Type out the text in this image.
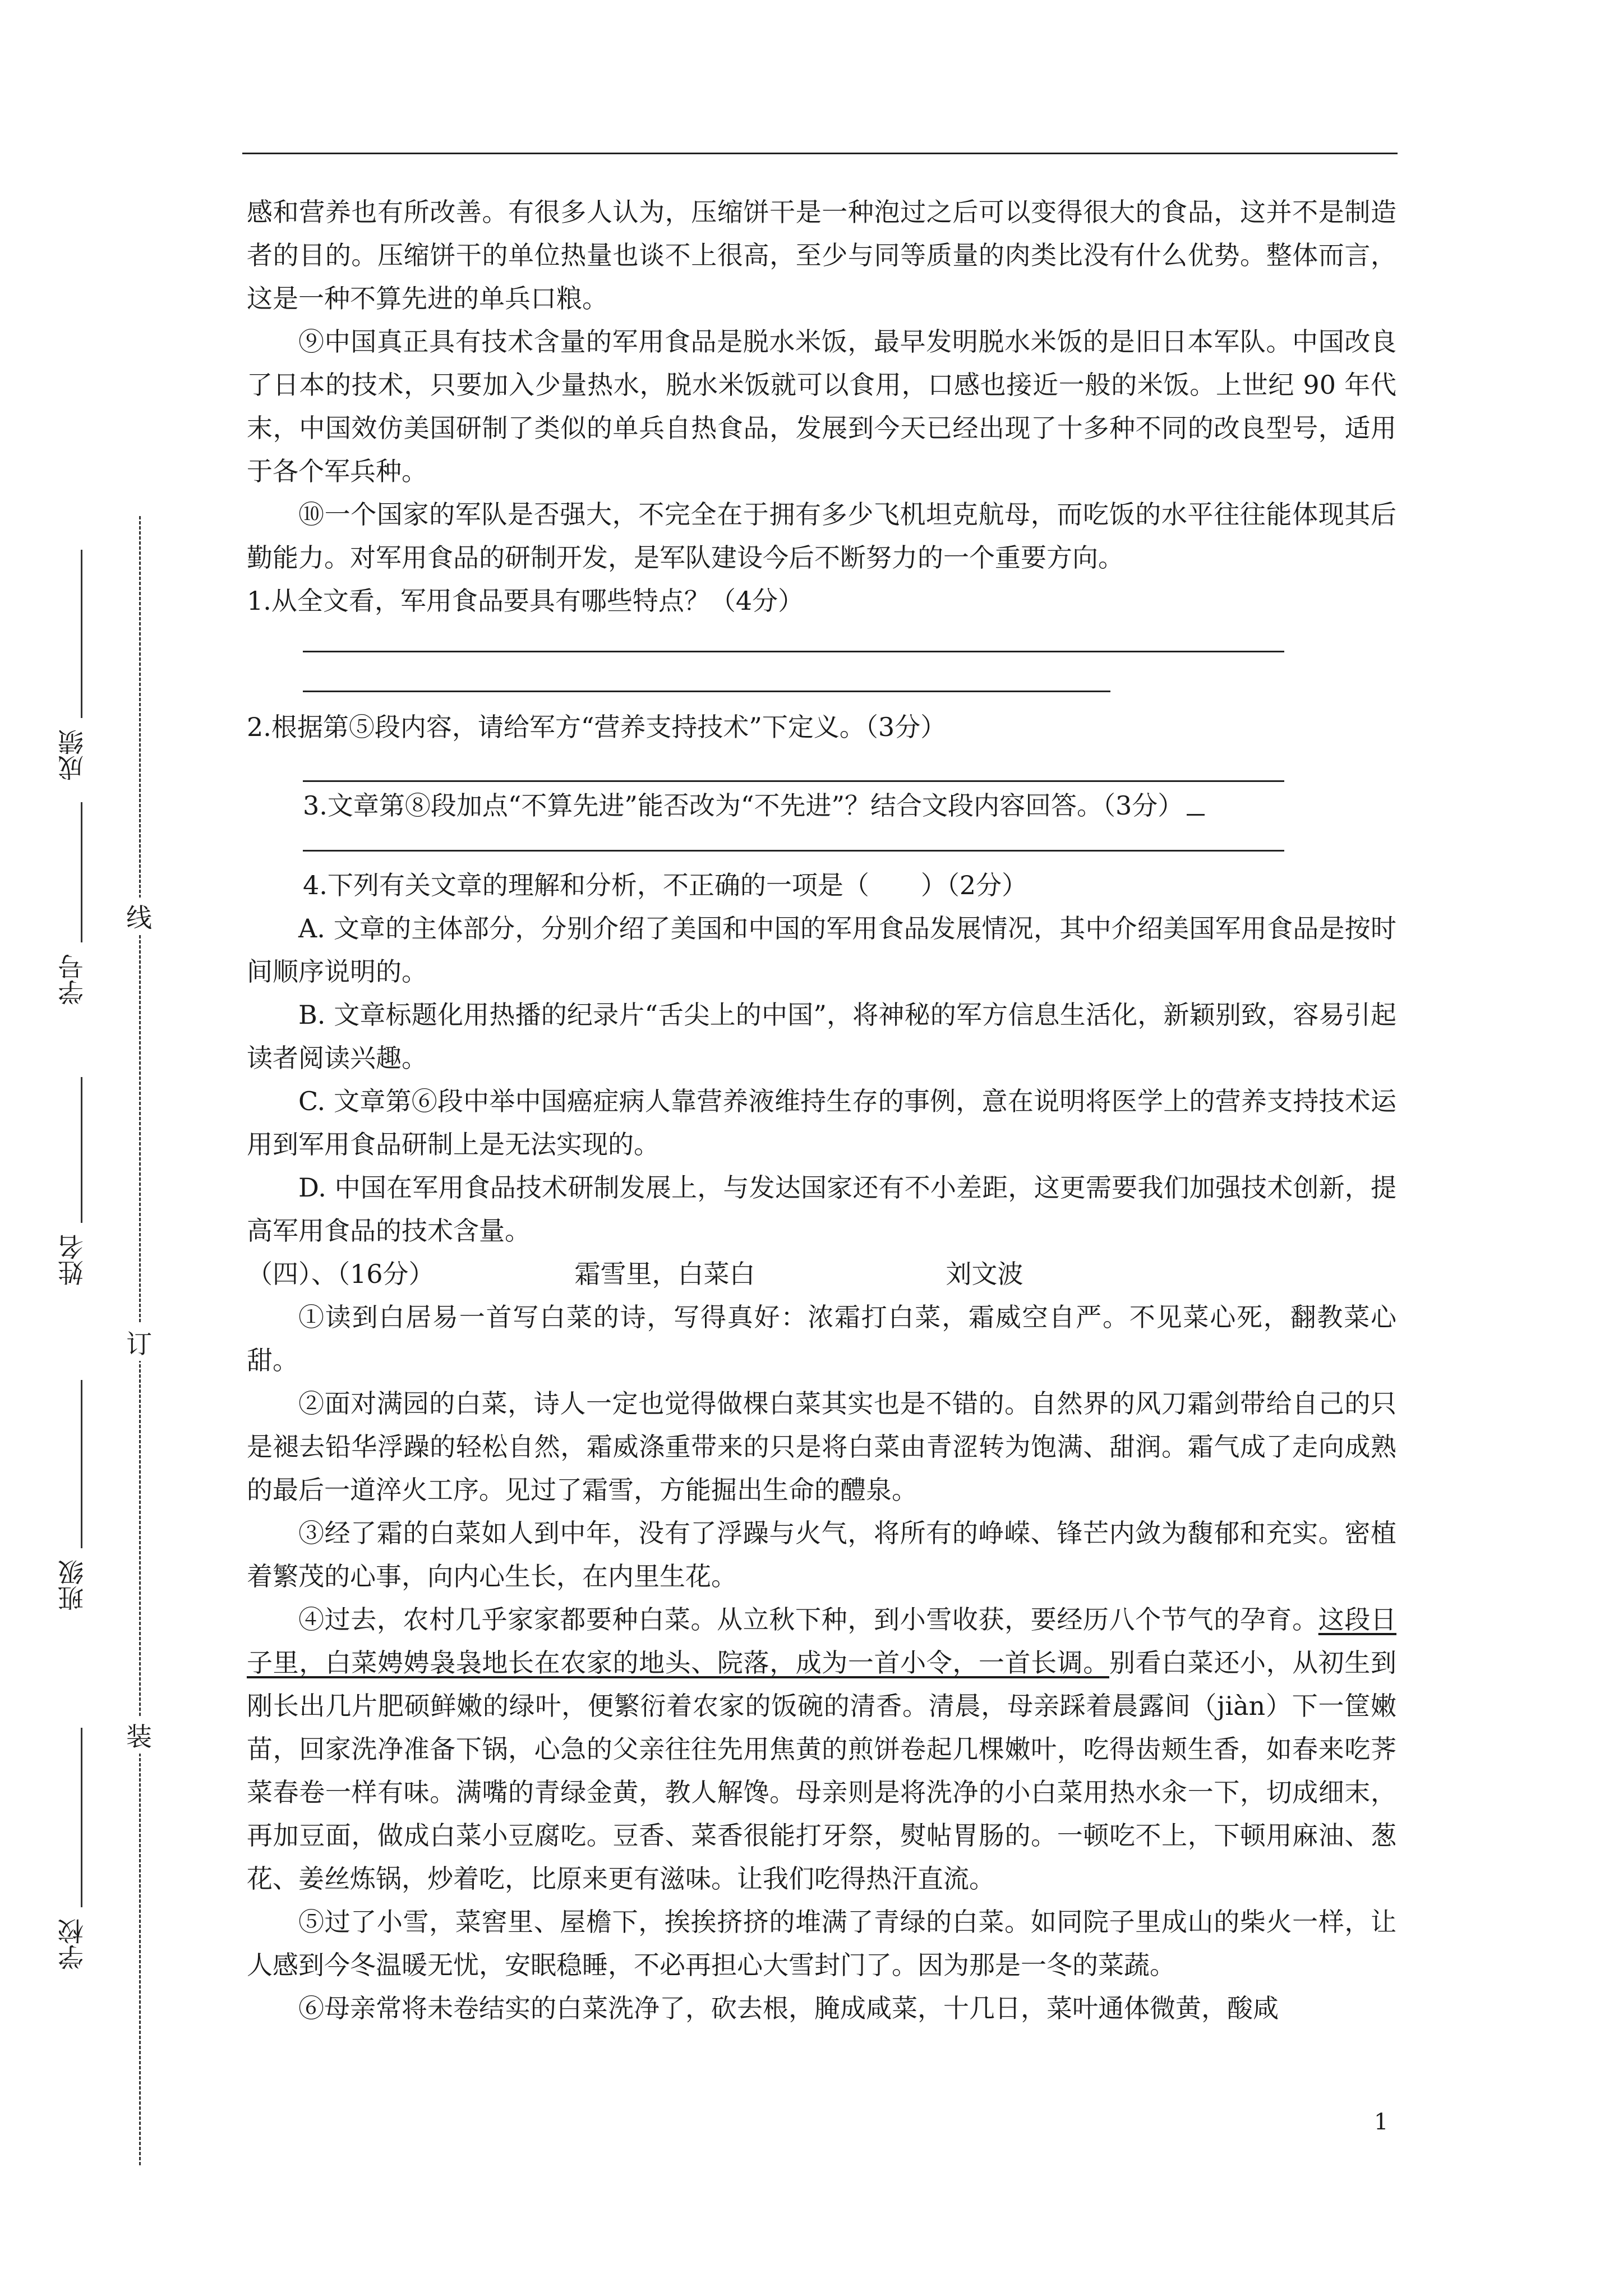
线
订
装
成绩
学号
姓名
班级
学校

感和营养也有所改善。有很多人认为，压缩饼干是一种泡过之后可以变得很大的食品，这并不是制造者的目的。压缩饼干的单位热量也谈不上很高，至少与同等质量的肉类比没有什么优势。整体而言，这是一种不算先进的单兵口粮。

⑨中国真正具有技术含量的军用食品是脱水米饭，最早发明脱水米饭的是旧日本军队。中国改良了日本的技术，只要加入少量热水，脱水米饭就可以食用，口感也接近一般的米饭。上世纪 90 年代末，中国效仿美国研制了类似的单兵自热食品，发展到今天已经出现了十多种不同的改良型号，适用于各个军兵种。

⑩一个国家的军队是否强大，不完全在于拥有多少飞机坦克航母，而吃饭的水平往往能体现其后勤能力。对军用食品的研制开发，是军队建设今后不断努力的一个重要方向。

1.从全文看，军用食品要具有哪些特点？（4分）

2.根据第⑤段内容，请给军方“营养支持技术”下定义。（3分）

3.文章第⑧段加点“不算先进”能否改为“不先进”？结合文段内容回答。（3分）

4.下列有关文章的理解和分析，不正确的一项是（ ）（2分）

A. 文章的主体部分，分别介绍了美国和中国的军用食品发展情况，其中介绍美国军用食品是按时间顺序说明的。

B. 文章标题化用热播的纪录片“舌尖上的中国”，将神秘的军方信息生活化，新颖别致，容易引起读者阅读兴趣。

C. 文章第⑥段中举中国癌症病人靠营养液维持生存的事例，意在说明将医学上的营养支持技术运用到军用食品研制上是无法实现的。

D. 中国在军用食品技术研制发展上，与发达国家还有不小差距，这更需要我们加强技术创新，提高军用食品的技术含量。

（四）、（16分）	霜雪里，白菜白	刘文波

①读到白居易一首写白菜的诗，写得真好：浓霜打白菜，霜威空自严。不见菜心死，翻教菜心甜。

②面对满园的白菜，诗人一定也觉得做棵白菜其实也是不错的。自然界的风刀霜剑带给自己的只是褪去铅华浮躁的轻松自然，霜威涤重带来的只是将白菜由青涩转为饱满、甜润。霜气成了走向成熟的最后一道淬火工序。见过了霜雪，方能掘出生命的醴泉。

③经了霜的白菜如人到中年，没有了浮躁与火气，将所有的峥嵘、锋芒内敛为馥郁和充实。密植着繁茂的心事，向内心生长，在内里生花。

④过去，农村几乎家家都要种白菜。从立秋下种，到小雪收获，要经历八个节气的孕育。这段日子里，白菜娉娉袅袅地长在农家的地头、院落，成为一首小令，一首长调。别看白菜还小，从初生到刚长出几片肥硕鲜嫩的绿叶，便繁衍着农家的饭碗的清香。清晨，母亲踩着晨露间（jiàn）下一筐嫩苗，回家洗净准备下锅，心急的父亲往往先用焦黄的煎饼卷起几棵嫩叶，吃得齿颊生香，如春来吃荠菜春卷一样有味。满嘴的青绿金黄，教人解馋。母亲则是将洗净的小白菜用热水汆一下，切成细末，再加豆面，做成白菜小豆腐吃。豆香、菜香很能打牙祭，熨帖胃肠的。一顿吃不上，下顿用麻油、葱花、姜丝炼锅，炒着吃，比原来更有滋味。让我们吃得热汗直流。

⑤过了小雪，菜窖里、屋檐下，挨挨挤挤的堆满了青绿的白菜。如同院子里成山的柴火一样，让人感到今冬温暖无忧，安眠稳睡，不必再担心大雪封门了。因为那是一冬的菜蔬。

⑥母亲常将未卷结实的白菜洗净了，砍去根，腌成咸菜，十几日，菜叶通体微黄，酸咸

1
